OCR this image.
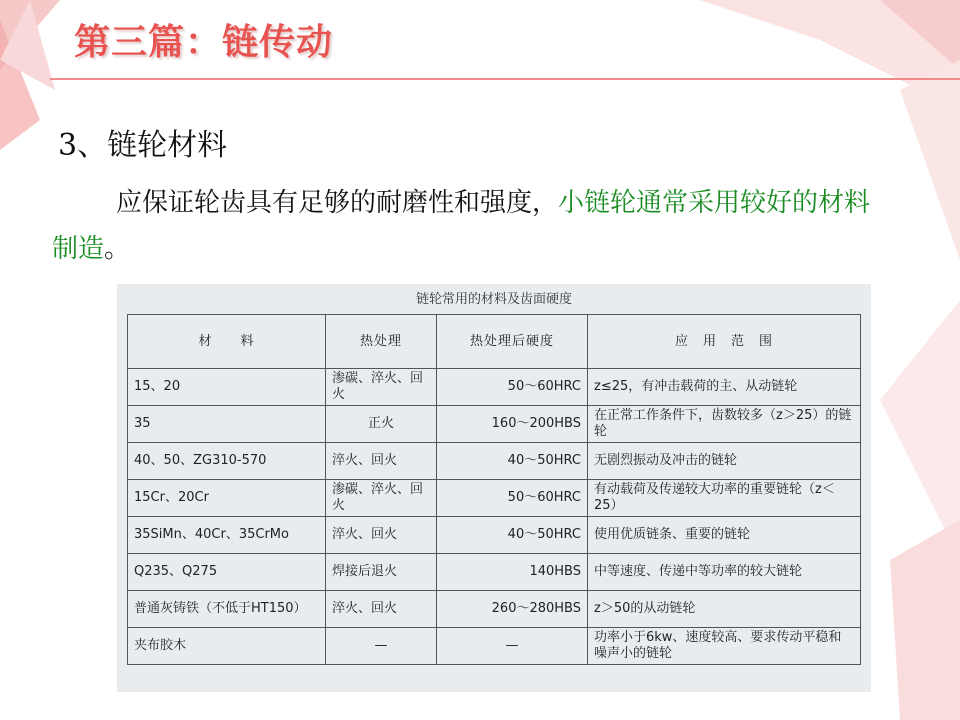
第三篇：链传动
3、链轮材料
应保证轮齿具有足够的耐磨性和强度，小链轮通常采用较好的材料制造。
链轮常用的材料及齿面硬度
材　　料	热处理	热处理后硬度	应　用　范　围
15、20	渗碳、淬火、回火	50～60HRC	z≤25，有冲击载荷的主、从动链轮
35	正火	160～200HBS	在正常工作条件下，齿数较多（z＞25）的链轮
40、50、ZG310-570	淬火、回火	40～50HRC	无剧烈振动及冲击的链轮
15Cr、20Cr	渗碳、淬火、回火	50～60HRC	有动载荷及传递较大功率的重要链轮（z＜25）
35SiMn、40Cr、35CrMo	淬火、回火	40～50HRC	使用优质链条、重要的链轮
Q235、Q275	焊接后退火	140HBS	中等速度、传递中等功率的较大链轮
普通灰铸铁（不低于HT150）	淬火、回火	260～280HBS	z＞50的从动链轮
夹布胶木	—	—	功率小于6kw、速度较高、要求传动平稳和噪声小的链轮
